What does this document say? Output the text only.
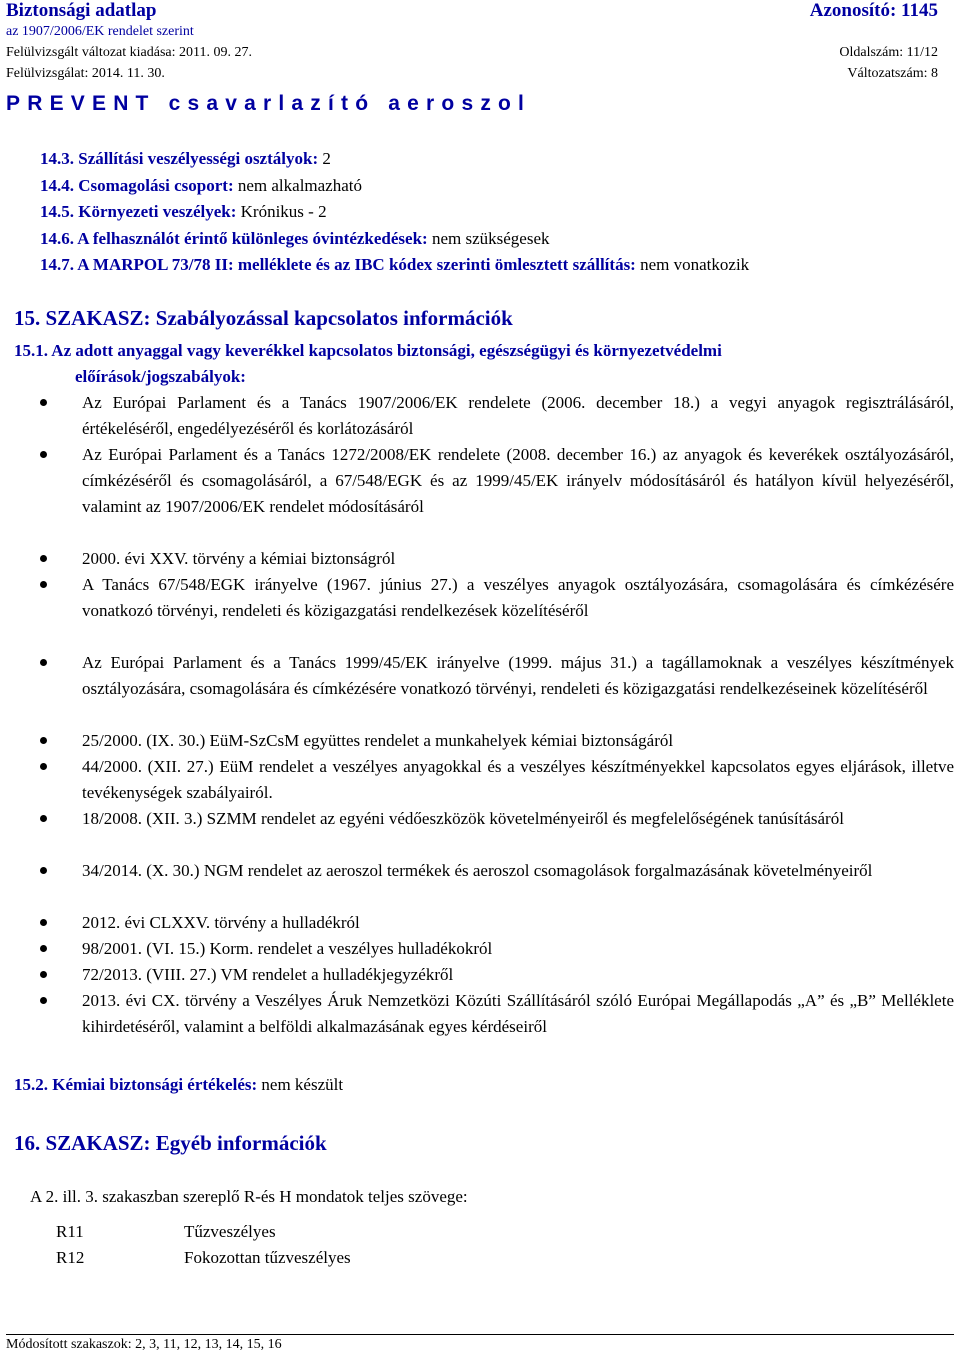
Biztonsági adatlap	Azonosító: 1145
az 1907/2006/EK rendelet szerint
Felülvizsgált változat kiadása: 2011. 09. 27.	Oldalszám: 11/12
Felülvizsgálat: 2014. 11. 30.	Változatszám: 8
PREVENT csavarlazító aeroszol
14.3. Szállítási veszélyességi osztályok: 2
14.4. Csomagolási csoport: nem alkalmazható
14.5. Környezeti veszélyek: Krónikus - 2
14.6. A felhasználót érintő különleges óvintézkedések: nem szükségesek
14.7. A MARPOL 73/78 II: melléklete és az IBC kódex szerinti ömlesztett szállítás: nem vonatkozik
15. SZAKASZ: Szabályozással kapcsolatos információk
15.1. Az adott anyaggal vagy keverékkel kapcsolatos biztonsági, egészségügyi és környezetvédelmi
előírások/jogszabályok:
Az Európai Parlament és a Tanács 1907/2006/EK rendelete (2006. december 18.) a vegyi anyagok regisztrálásáról, értékeléséről, engedélyezéséről és korlátozásáról
Az Európai Parlament és a Tanács 1272/2008/EK rendelete (2008. december 16.) az anyagok és keverékek osztályozásáról, címkézéséről és csomagolásáról, a 67/548/EGK és az 1999/45/EK irányelv módosításáról és hatályon kívül helyezéséről, valamint az 1907/2006/EK rendelet módosításáról
2000. évi XXV. törvény a kémiai biztonságról
A Tanács 67/548/EGK irányelve (1967. június 27.) a veszélyes anyagok osztályozására, csomagolására és címkézésére vonatkozó törvényi, rendeleti és közigazgatási rendelkezések közelítéséről
Az Európai Parlament és a Tanács 1999/45/EK irányelve (1999. május 31.) a tagállamoknak a veszélyes készítmények osztályozására, csomagolására és címkézésére vonatkozó törvényi, rendeleti és közigazgatási rendelkezéseinek közelítéséről
25/2000. (IX. 30.) EüM-SzCsM együttes rendelet a munkahelyek kémiai biztonságáról
44/2000. (XII. 27.) EüM rendelet a veszélyes anyagokkal és a veszélyes készítményekkel kapcsolatos egyes eljárások, illetve tevékenységek szabályairól.
18/2008. (XII. 3.) SZMM rendelet az egyéni védőeszközök követelményeiről és megfelelőségének tanúsításáról
34/2014. (X. 30.) NGM rendelet az aeroszol termékek és aeroszol csomagolások forgalmazásának követelményeiről
2012. évi CLXXV. törvény a hulladékról
98/2001. (VI. 15.) Korm. rendelet a veszélyes hulladékokról
72/2013. (VIII. 27.) VM rendelet a hulladékjegyzékről
2013. évi CX. törvény a Veszélyes Áruk Nemzetközi Közúti Szállításáról szóló Európai Megállapodás „A” és „B” Melléklete kihirdetéséről, valamint a belföldi alkalmazásának egyes kérdéseiről
15.2. Kémiai biztonsági értékelés: nem készült
16. SZAKASZ: Egyéb információk
A 2. ill. 3. szakaszban szereplő R-és H mondatok teljes szövege:
R11	Tűzveszélyes
R12	Fokozottan tűzveszélyes
Módosított szakaszok: 2, 3, 11, 12, 13, 14, 15, 16
